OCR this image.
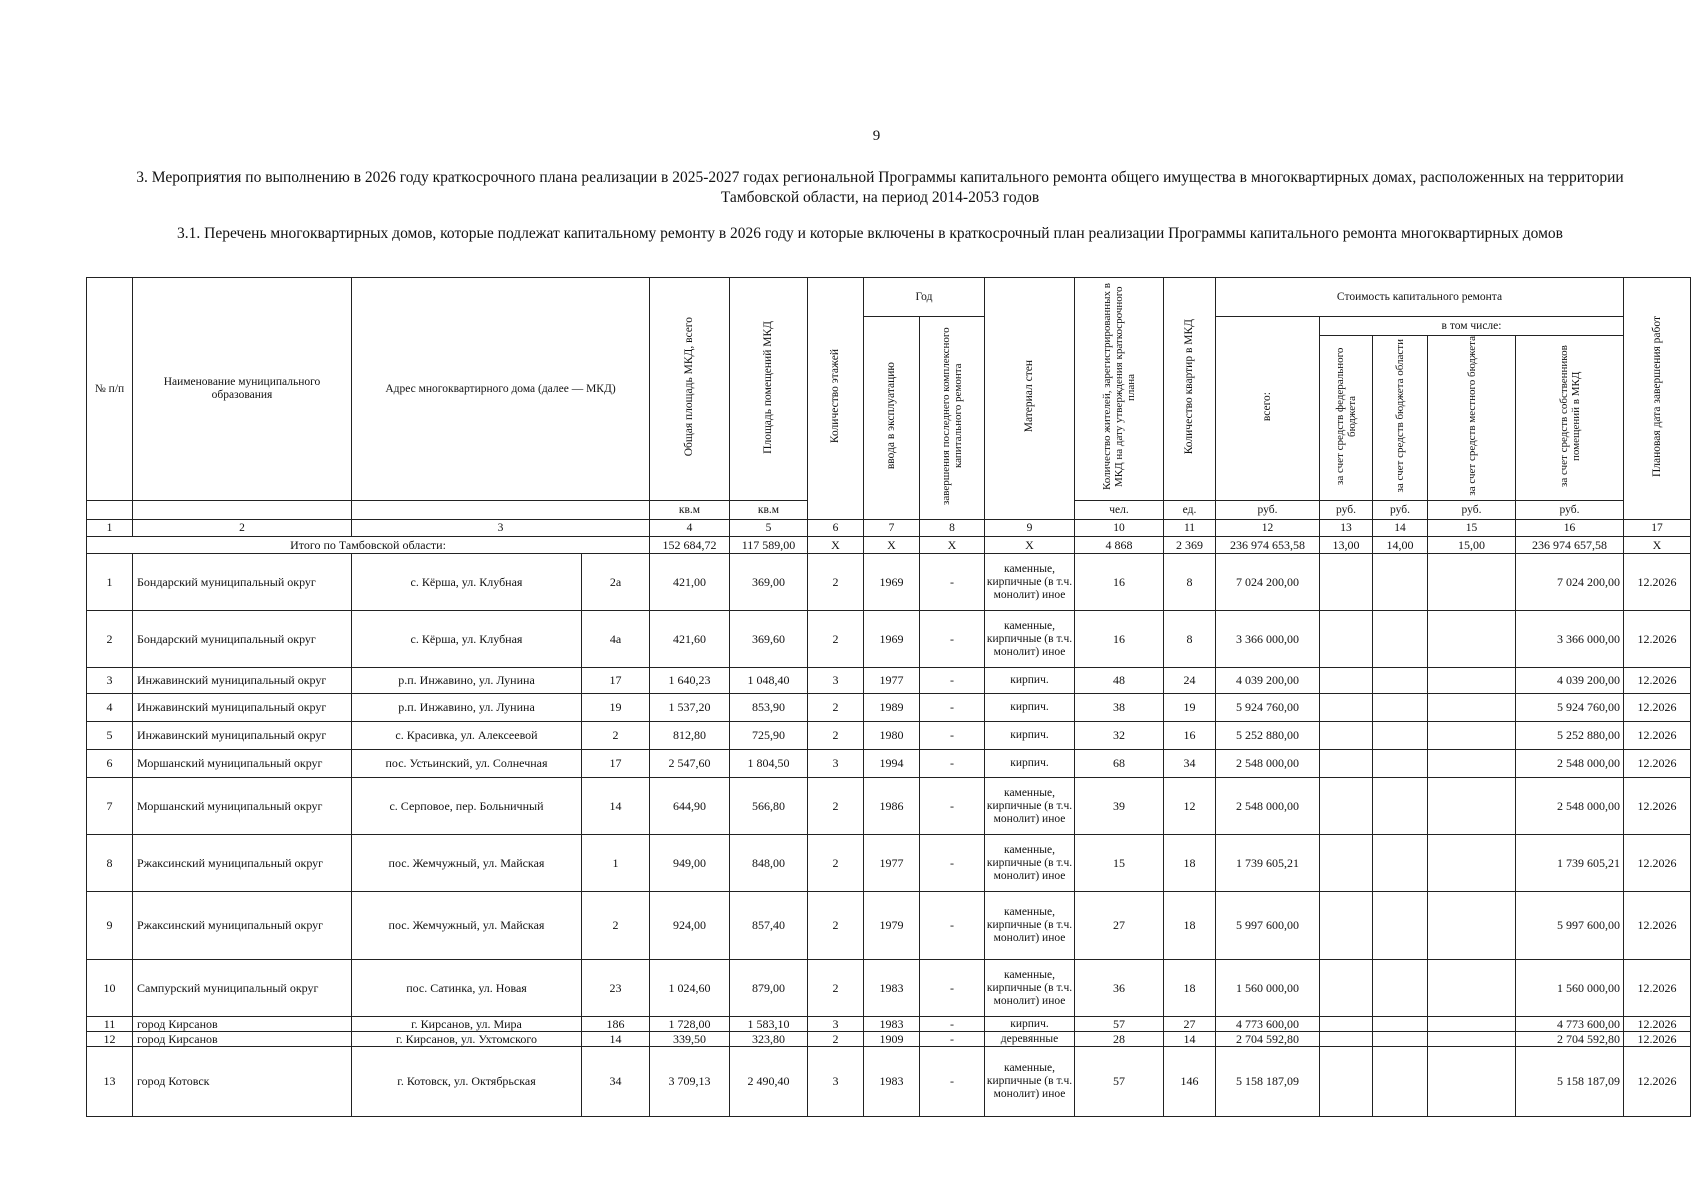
9
3. Мероприятия по выполнению в 2026 году краткосрочного плана реализации в 2025-2027 годах региональной Программы капитального ремонта общего имущества в многоквартирных домах, расположенных на территории Тамбовской области, на период 2014-2053 годов
3.1. Перечень многоквартирных домов, которые подлежат капитальному ремонту в 2026 году и которые включены в краткосрочный план реализации Программы капитального ремонта многоквартирных домов
№ п/п	Наименование муниципального образования	Адрес многоквартирного дома (далее — МКД)		Общая площадь МКД, всего	Площадь помещений МКД	Количество этажей	Год		Материал стен	Количество жителей, зарегистрированных в МКД на дату утверждения краткосрочного плана	Количество квартир в МКД	Стоимость капитального ремонта					Плановая дата завершения работ
							ввода в эксплуатацию	завершения последнего комплексного капитального ремонта				всего:	в том числе:				
													за счет средств федерального бюджета	за счет средств бюджета области	за счет средств местного бюджета	за счет средств собственников помещений в МКД	
				кв.м	кв.м					чел.	ед.	руб.	руб.	руб.	руб.	руб.	
1	2	3		4	5	6	7	8	9	10	11	12	13	14	15	16	17
Итого по Тамбовской области:				152 684,72	117 589,00	X	X	X	X	4 868	2 369	236 974 653,58	13,00	14,00	15,00	236 974 657,58	X
1	Бондарский муниципальный округ	с. Кёрша, ул. Клубная	2а	421,00	369,00	2	1969	-	каменные, кирпичные (в т.ч. монолит) иное	16	8	7 024 200,00				7 024 200,00	12.2026
2	Бондарский муниципальный округ	с. Кёрша, ул. Клубная	4а	421,60	369,60	2	1969	-	каменные, кирпичные (в т.ч. монолит) иное	16	8	3 366 000,00				3 366 000,00	12.2026
3	Инжавинский муниципальный округ	р.п. Инжавино, ул. Лунина	17	1 640,23	1 048,40	3	1977	-	кирпич.	48	24	4 039 200,00				4 039 200,00	12.2026
4	Инжавинский муниципальный округ	р.п. Инжавино, ул. Лунина	19	1 537,20	853,90	2	1989	-	кирпич.	38	19	5 924 760,00				5 924 760,00	12.2026
5	Инжавинский муниципальный округ	с. Красивка, ул. Алексеевой	2	812,80	725,90	2	1980	-	кирпич.	32	16	5 252 880,00				5 252 880,00	12.2026
6	Моршанский муниципальный округ	пос. Устьинский, ул. Солнечная	17	2 547,60	1 804,50	3	1994	-	кирпич.	68	34	2 548 000,00				2 548 000,00	12.2026
7	Моршанский муниципальный округ	с. Серповое, пер. Больничный	14	644,90	566,80	2	1986	-	каменные, кирпичные (в т.ч. монолит) иное	39	12	2 548 000,00				2 548 000,00	12.2026
8	Ржаксинский муниципальный округ	пос. Жемчужный, ул. Майская	1	949,00	848,00	2	1977	-	каменные, кирпичные (в т.ч. монолит) иное	15	18	1 739 605,21				1 739 605,21	12.2026
9	Ржаксинский муниципальный округ	пос. Жемчужный, ул. Майская	2	924,00	857,40	2	1979	-	каменные, кирпичные (в т.ч. монолит) иное	27	18	5 997 600,00				5 997 600,00	12.2026
10	Сампурский муниципальный округ	пос. Сатинка, ул. Новая	23	1 024,60	879,00	2	1983	-	каменные, кирпичные (в т.ч. монолит) иное	36	18	1 560 000,00				1 560 000,00	12.2026
11	город Кирсанов	г. Кирсанов, ул. Мира	186	1 728,00	1 583,10	3	1983	-	кирпич.	57	27	4 773 600,00				4 773 600,00	12.2026
12	город Кирсанов	г. Кирсанов, ул. Ухтомского	14	339,50	323,80	2	1909	-	деревянные	28	14	2 704 592,80				2 704 592,80	12.2026
13	город Котовск	г. Котовск, ул. Октябрьская	34	3 709,13	2 490,40	3	1983	-	каменные, кирпичные (в т.ч. монолит) иное	57	146	5 158 187,09				5 158 187,09	12.2026
